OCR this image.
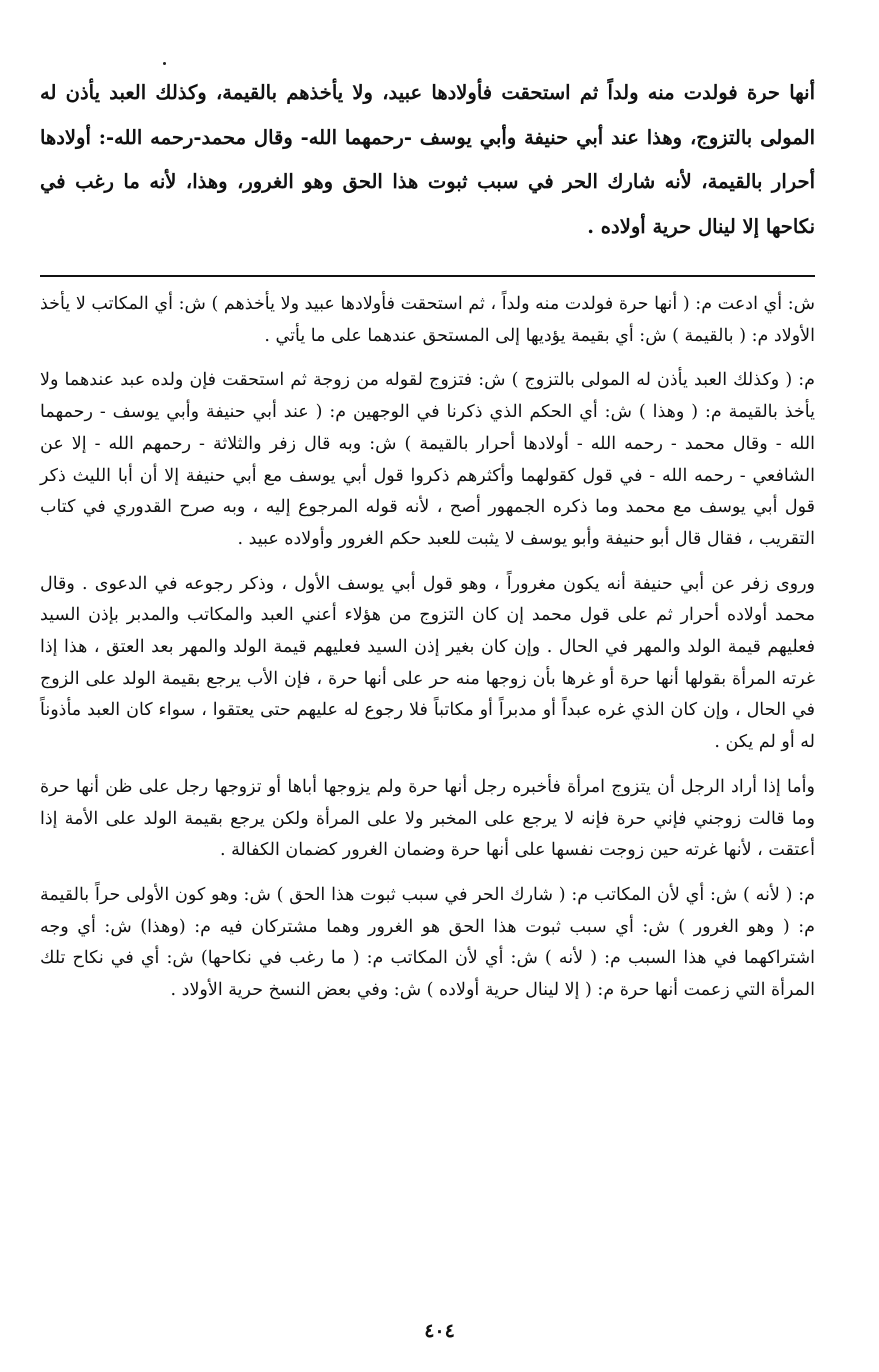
أنها حرة فولدت منه ولداً ثم استحقت فأولادها عبيد، ولا يأخذهم بالقيمة، وكذلك العبد يأذن له المولى بالتزوج، وهذا عند أبي حنيفة وأبي يوسف -رحمهما الله- وقال محمد-رحمه الله-: أولادها أحرار بالقيمة، لأنه شارك الحر في سبب ثبوت هذا الحق وهو الغرور، وهذا، لأنه ما رغب في نكاحها إلا لينال حرية أولاده .

ش: أي ادعت م: ( أنها حرة فولدت منه ولداً ، ثم استحقت فأولادها عبيد ولا يأخذهم ) ش: أي المكاتب لا يأخذ الأولاد م: ( بالقيمة ) ش: أي بقيمة يؤديها إلى المستحق عندهما على ما يأتي .

م: ( وكذلك العبد يأذن له المولى بالتزوج ) ش: فتزوج لقوله من زوجة ثم استحقت فإن ولده عبد عندهما ولا يأخذ بالقيمة م: ( وهذا ) ش: أي الحكم الذي ذكرنا في الوجهين م: ( عند أبي حنيفة وأبي يوسف - رحمهما الله - وقال محمد - رحمه الله - أولادها أحرار بالقيمة ) ش: وبه قال زفر والثلاثة - رحمهم الله - إلا عن الشافعي - رحمه الله - في قول كقولهما وأكثرهم ذكروا قول أبي يوسف مع أبي حنيفة إلا أن أبا الليث ذكر قول أبي يوسف مع محمد وما ذكره الجمهور أصح ، لأنه قوله المرجوع إليه ، وبه صرح القدوري في كتاب التقريب ، فقال قال أبو حنيفة وأبو يوسف لا يثبت للعبد حكم الغرور وأولاده عبيد .

وروى زفر عن أبي حنيفة أنه يكون مغروراً ، وهو قول أبي يوسف الأول ، وذكر رجوعه في الدعوى . وقال محمد أولاده أحرار ثم على قول محمد إن كان التزوج من هؤلاء أعني العبد والمكاتب والمدبر بإذن السيد فعليهم قيمة الولد والمهر في الحال . وإن كان بغير إذن السيد فعليهم قيمة الولد والمهر بعد العتق ، هذا إذا غرته المرأة بقولها أنها حرة أو غرها بأن زوجها منه حر على أنها حرة ، فإن الأب يرجع بقيمة الولد على الزوج في الحال ، وإن كان الذي غره عبداً أو مدبراً أو مكاتباً فلا رجوع له عليهم حتى يعتقوا ، سواء كان العبد مأذوناً له أو لم يكن .

وأما إذا أراد الرجل أن يتزوج امرأة فأخبره رجل أنها حرة ولم يزوجها أباها أو تزوجها رجل على ظن أنها حرة وما قالت زوجني فإني حرة فإنه لا يرجع على المخبر ولا على المرأة ولكن يرجع بقيمة الولد على الأمة إذا أعتقت ، لأنها غرته حين زوجت نفسها على أنها حرة وضمان الغرور كضمان الكفالة .

م: ( لأنه ) ش: أي لأن المكاتب م: ( شارك الحر في سبب ثبوت هذا الحق ) ش: وهو كون الأولى حراً بالقيمة م: ( وهو الغرور ) ش: أي سبب ثبوت هذا الحق هو الغرور وهما مشتركان فيه م: (وهذا) ش: أي وجه اشتراكهما في هذا السبب م: ( لأنه ) ش: أي لأن المكاتب م: ( ما رغب في نكاحها) ش: أي في نكاح تلك المرأة التي زعمت أنها حرة م: ( إلا لينال حرية أولاده ) ش: وفي بعض النسخ حرية الأولاد .

٤٠٤
